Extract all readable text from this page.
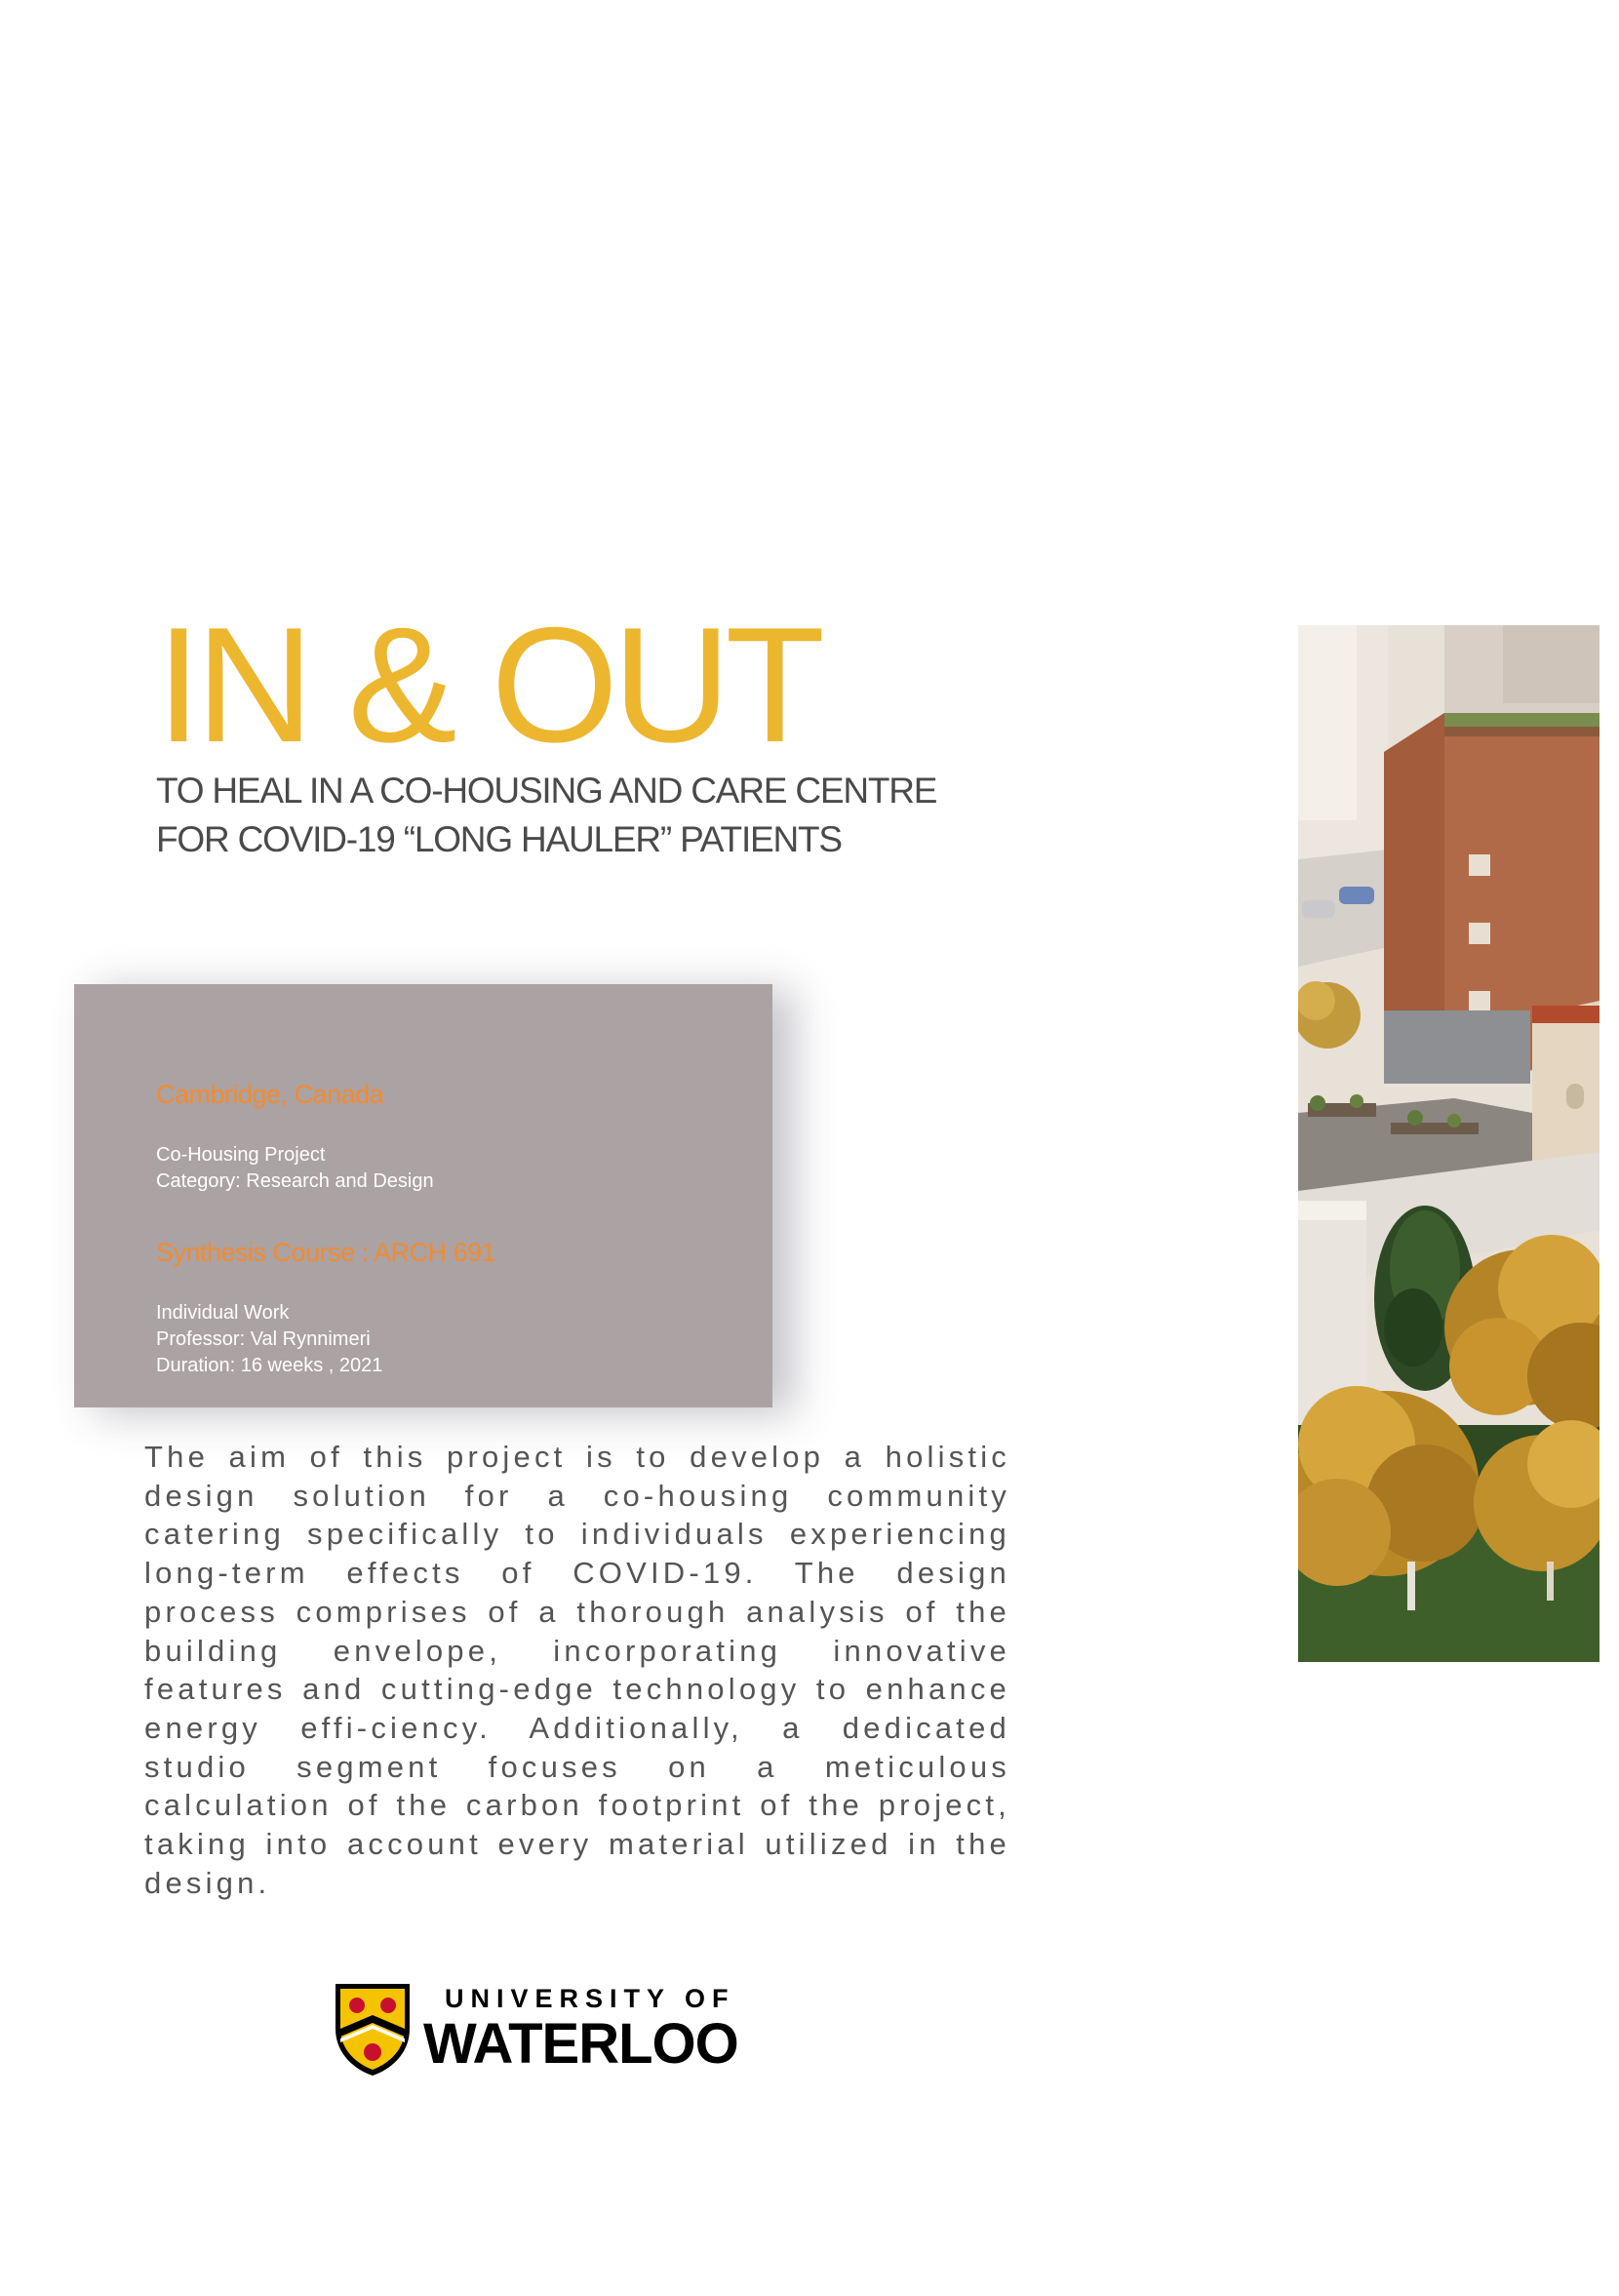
IN & OUT
TO HEAL IN A CO-HOUSING AND CARE CENTRE
FOR COVID-19 “LONG HAULER” PATIENTS
Cambridge, Canada
Co-Housing Project
Category: Research and Design
Synthesis Course : ARCH 691
Individual Work
Professor: Val Rynnimeri
Duration: 16 weeks , 2021
The aim of this project is to develop a holistic design solution for a co-housing community catering specifically to individuals experiencing long-term effects of COVID-19. The design process comprises of a thorough analysis of the building envelope, incorporating innovative features and cutting-edge technology to enhance energy effi-ciency. Additionally, a dedicated studio segment focuses on a meticulous calculation of the carbon footprint of the project, taking into account every material utilized in the design.
UNIVERSITY OF
WATERLOO
